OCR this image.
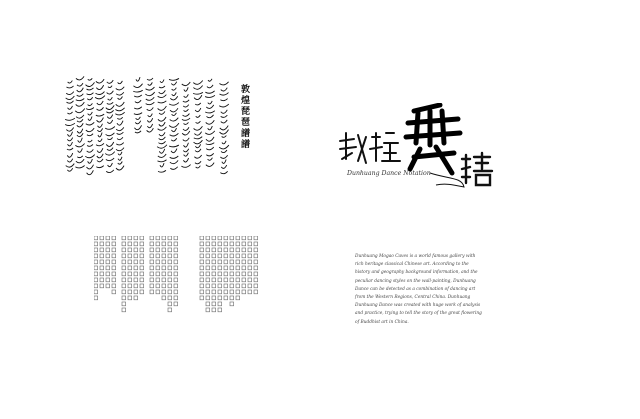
敦煌琵琶譜譜
Dunhuang Dance Notation
Dunhuang Mogao Caves is a world famous gallery with rich heritage classical Chinese art. According to the history and geography background information, and the peculiar dancing styles on the wall-painting, Dunhuang Dance can be detected as a combination of dancing art from the Western Regions, Central China. Dunhuang Dunhuang Dance was created with huge work of analysis and practice, trying to tell the story of the great flowering of Buddhist art in China.
